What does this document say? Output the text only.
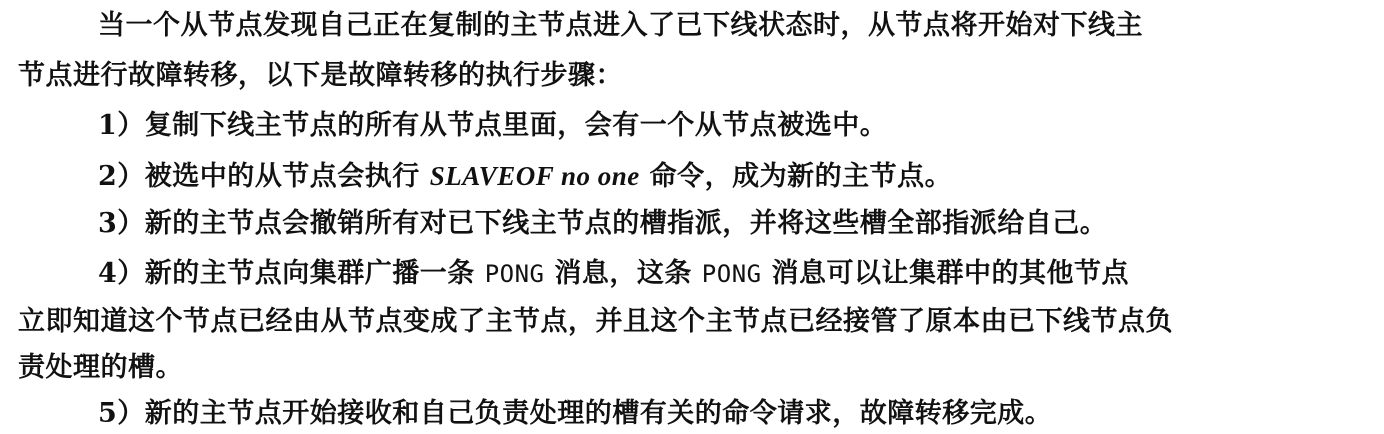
当一个从节点发现自己正在复制的主节点进入了已下线状态时，从节点将开始对下线主
节点进行故障转移，以下是故障转移的执行步骤：
1）复制下线主节点的所有从节点里面，会有一个从节点被选中。
2）被选中的从节点会执行 SLAVEOF no one 命令，成为新的主节点。
3）新的主节点会撤销所有对已下线主节点的槽指派，并将这些槽全部指派给自己。
4）新的主节点向集群广播一条 PONG 消息，这条 PONG 消息可以让集群中的其他节点
立即知道这个节点已经由从节点变成了主节点，并且这个主节点已经接管了原本由已下线节点负
责处理的槽。
5）新的主节点开始接收和自己负责处理的槽有关的命令请求，故障转移完成。
